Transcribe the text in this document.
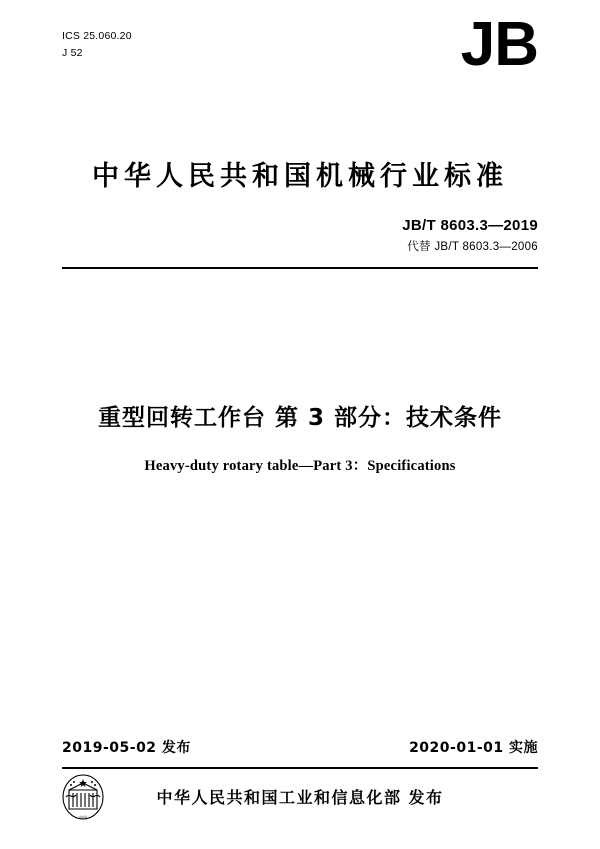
ICS 25.060.20
J 52	JB
中华人民共和国机械行业标准
JB/T 8603.3—2019
代替 JB/T 8603.3—2006
重型回转工作台 第 3 部分：技术条件
Heavy-duty rotary table—Part 3：Specifications
2019-05-02 发布	2020-01-01 实施
中国
中华人民共和国工业和信息化部 发布
